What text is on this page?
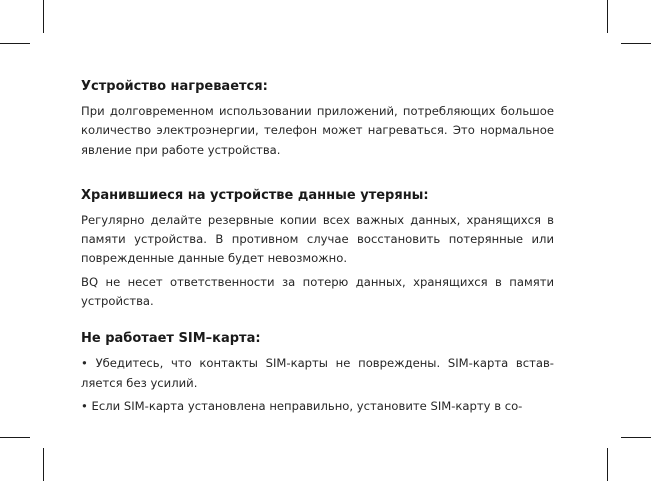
Устройство нагревается:

При долговременном использовании приложений, потребляющих большое количество электроэнергии, телефон может нагреваться. Это нормальное явление при работе устройства.

Хранившиеся на устройстве данные утеряны:

Регулярно делайте резервные копии всех важных данных, хранящихся в памяти устройства. В противном случае восстановить потерянные или поврежденные данные будет невозможно.

BQ не несет ответственности за потерю данных, хранящихся в памяти устройства.

Не работает SIM–карта:

• Убедитесь, что контакты SIM-карты не повреждены. SIM-карта встав-ляется без усилий.

• Если SIM-карта установлена неправильно, установите SIM-карту в со-
